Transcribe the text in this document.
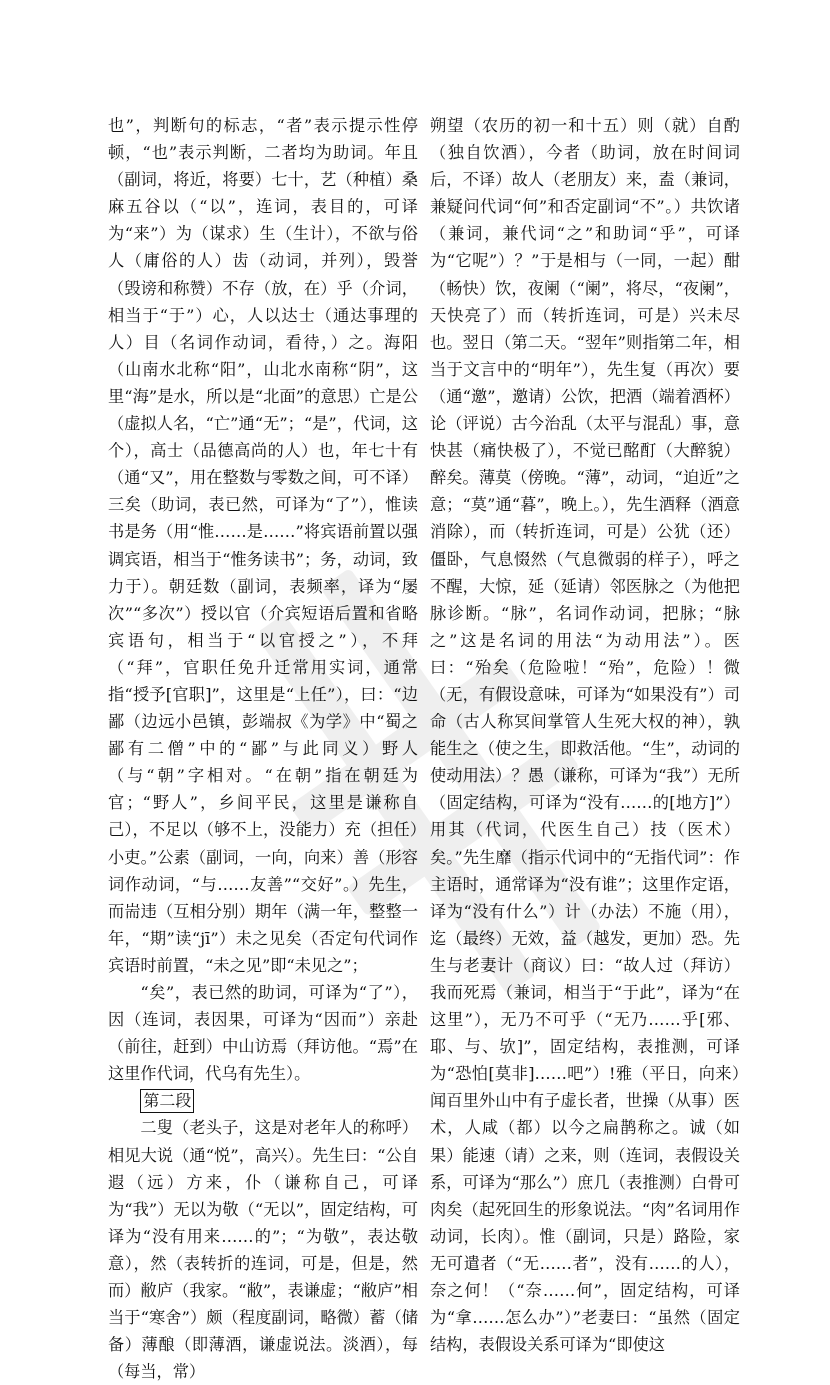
也”，判断句的标志，“者”表示提示性停顿，“也”表示判断，二者均为助词。年且（副词，将近，将要）七十，艺（种植）桑麻五谷以（“以”，连词，表目的，可译为“来”）为（谋求）生（生计），不欲与俗人（庸俗的人）齿（动词，并列），毁誉（毁谤和称赞）不存（放，在）乎（介词，相当于“于”）心，人以达士（通达事理的人）目（名词作动词，看待，）之。海阳（山南水北称“阳”，山北水南称“阴”，这里“海”是水，所以是“北面”的意思）亡是公（虚拟人名，“亡”通“无”；“是”，代词，这个），高士（品德高尚的人）也，年七十有（通“又”，用在整数与零数之间，可不译）三矣（助词，表已然，可译为“了”），惟读书是务（用“惟……是……”将宾语前置以强调宾语，相当于“惟务读书”；务，动词，致力于）。朝廷数（副词，表频率，译为“屡次”“多次”）授以官（介宾短语后置和省略宾语句，相当于“以官授之”），不拜（“拜”，官职任免升迁常用实词，通常指“授予[官职]”，这里是“上任”），曰：“边鄙（边远小邑镇，彭端叔《为学》中“蜀之鄙有二僧”中的“鄙”与此同义）野人（与“朝”字相对。“在朝”指在朝廷为官；“野人”，乡间平民，这里是谦称自己），不足以（够不上，没能力）充（担任）小吏。”公素（副词，一向，向来）善（形容词作动词，“与……友善”“交好”。）先生，而耑违（互相分别）期年（满一年，整整一年，“期”读“jī”）未之见矣（否定句代词作宾语时前置，“未之见”即“未见之”；

“矣”，表已然的助词，可译为“了”），因（连词，表因果，可译为“因而”）亲赴（前往，赶到）中山访焉（拜访他。“焉”在这里作代词，代乌有先生）。

第二段

二叟（老头子，这是对老年人的称呼）相见大说（通“悦”，高兴）。先生曰：“公自遐（远）方来，仆（谦称自己，可译为“我”）无以为敬（“无以”，固定结构，可译为“没有用来……的”；“为敬”，表达敬意），然（表转折的连词，可是，但是，然而）敝庐（我家。“敝”，表谦虚；“敝庐”相当于“寒舍”）颇（程度副词，略微）蓄（储备）薄酿（即薄酒，谦虚说法。淡酒），每（每当，常）

朔望（农历的初一和十五）则（就）自酌（独自饮酒），今者（助词，放在时间词后，不译）故人（老朋友）来，盍（兼词，兼疑问代词“何”和否定副词“不”。）共饮诸（兼词，兼代词“之”和助词“乎”，可译为“它呢”）？”于是相与（一同，一起）酣（畅快）饮，夜阑（“阑”，将尽，“夜阑”，天快亮了）而（转折连词，可是）兴未尽也。翌日（第二天。“翌年”则指第二年，相当于文言中的“明年”），先生复（再次）要（通“邀”，邀请）公饮，把酒（端着酒杯）论（评说）古今治乱（太平与混乱）事，意快甚（痛快极了），不觉已酩酊（大醉貌）醉矣。薄莫（傍晚。“薄”，动词，“迫近”之意；“莫”通“暮”，晚上。），先生酒释（酒意消除），而（转折连词，可是）公犹（还）僵卧，气息惙然（气息微弱的样子），呼之不醒，大惊，延（延请）邻医脉之（为他把脉诊断。“脉”，名词作动词，把脉；“脉之”这是名词的用法“为动用法”）。医曰：“殆矣（危险啦！“殆”，危险）！微（无，有假设意味，可译为“如果没有”）司命（古人称冥间掌管人生死大权的神），孰能生之（使之生，即救活他。“生”，动词的使动用法）？愚（谦称，可译为“我”）无所（固定结构，可译为“没有……的[地方]”）用其（代词，代医生自己）技（医术）矣。”先生靡（指示代词中的“无指代词”：作主语时，通常译为“没有谁”；这里作定语，译为“没有什么”）计（办法）不施（用），迄（最终）无效，益（越发，更加）恐。先生与老妻计（商议）曰：“故人过（拜访）我而死焉（兼词，相当于“于此”，译为“在这里”），无乃不可乎（“无乃……乎[邪、耶、与、欤]”，固定结构，表推测，可译为“恐怕[莫非]……吧”）!雅（平日，向来）闻百里外山中有子虚长者，世操（从事）医术，人咸（都）以今之扁鹊称之。诚（如果）能速（请）之来，则（连词，表假设关系，可译为“那么”）庶几（表推测）白骨可肉矣（起死回生的形象说法。“肉”名词用作动词，长肉）。惟（副词，只是）路险，家无可遣者（“无……者”，没有……的人），奈之何！（“奈……何”，固定结构，可译为“拿……怎么办”）”老妻曰：“虽然（固定结构，表假设关系可译为“即使这
